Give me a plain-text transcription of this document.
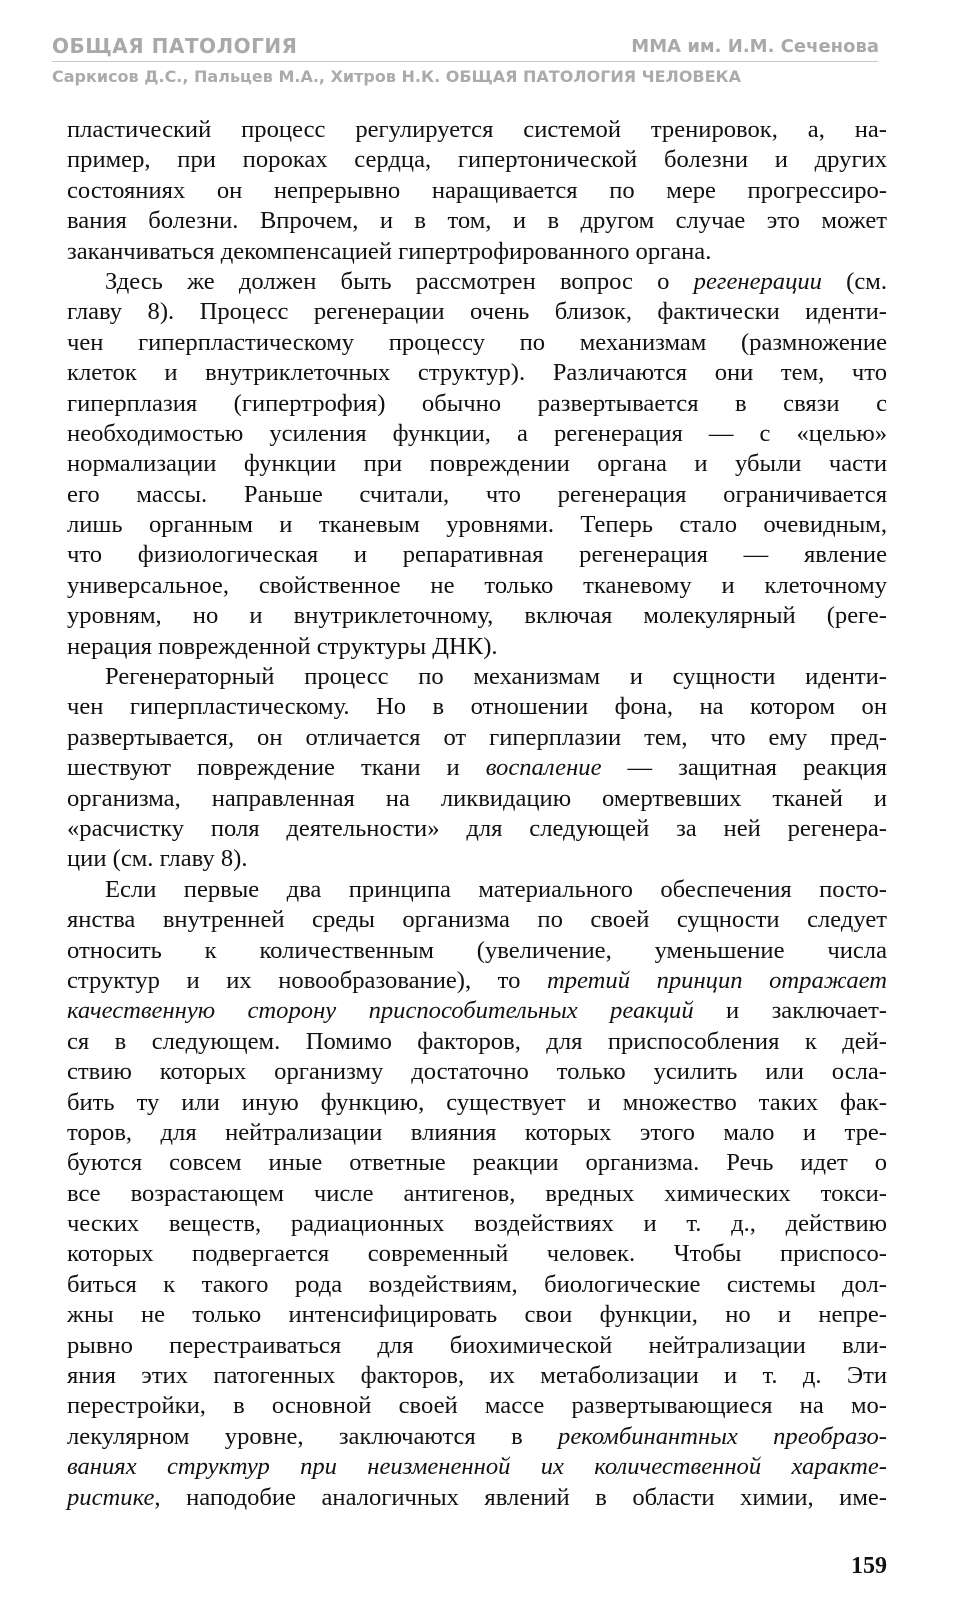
ОБЩАЯ ПАТОЛОГИЯ	ММА им. И.М. Сеченова
Саркисов Д.С., Пальцев М.А., Хитров Н.К. ОБЩАЯ ПАТОЛОГИЯ ЧЕЛОВЕКА
пластический процесс регулируется системой тренировок, а, на-
пример, при пороках сердца, гипертонической болезни и других
состояниях он непрерывно наращивается по мере прогрессиро-
вания болезни. Впрочем, и в том, и в другом случае это может
заканчиваться декомпенсацией гипертрофированного органа.
Здесь же должен быть рассмотрен вопрос о регенерации (см.
главу 8). Процесс регенерации очень близок, фактически иденти-
чен гиперпластическому процессу по механизмам (размножение
клеток и внутриклеточных структур). Различаются они тем, что
гиперплазия (гипертрофия) обычно развертывается в связи с
необходимостью усиления функции, а регенерация — с «целью»
нормализации функции при повреждении органа и убыли части
его массы. Раньше считали, что регенерация ограничивается
лишь органным и тканевым уровнями. Теперь стало очевидным,
что физиологическая и репаративная регенерация — явление
универсальное, свойственное не только тканевому и клеточному
уровням, но и внутриклеточному, включая молекулярный (реге-
нерация поврежденной структуры ДНК).
Регенераторный процесс по механизмам и сущности иденти-
чен гиперпластическому. Но в отношении фона, на котором он
развертывается, он отличается от гиперплазии тем, что ему пред-
шествуют повреждение ткани и воспаление — защитная реакция
организма, направленная на ликвидацию омертвевших тканей и
«расчистку поля деятельности» для следующей за ней регенера-
ции (см. главу 8).
Если первые два принципа материального обеспечения посто-
янства внутренней среды организма по своей сущности следует
относить к количественным (увеличение, уменьшение числа
структур и их новообразование), то третий принцип отражает
качественную сторону приспособительных реакций и заключает-
ся в следующем. Помимо факторов, для приспособления к дей-
ствию которых организму достаточно только усилить или осла-
бить ту или иную функцию, существует и множество таких фак-
торов, для нейтрализации влияния которых этого мало и тре-
буются совсем иные ответные реакции организма. Речь идет о
все возрастающем числе антигенов, вредных химических токси-
ческих веществ, радиационных воздействиях и т. д., действию
которых подвергается современный человек. Чтобы приспосо-
биться к такого рода воздействиям, биологические системы дол-
жны не только интенсифицировать свои функции, но и непре-
рывно перестраиваться для биохимической нейтрализации вли-
яния этих патогенных факторов, их метаболизации и т. д. Эти
перестройки, в основной своей массе развертывающиеся на мо-
лекулярном уровне, заключаются в рекомбинантных преобразо-
ваниях структур при неизмененной их количественной характе-
ристике, наподобие аналогичных явлений в области химии, име-
159
